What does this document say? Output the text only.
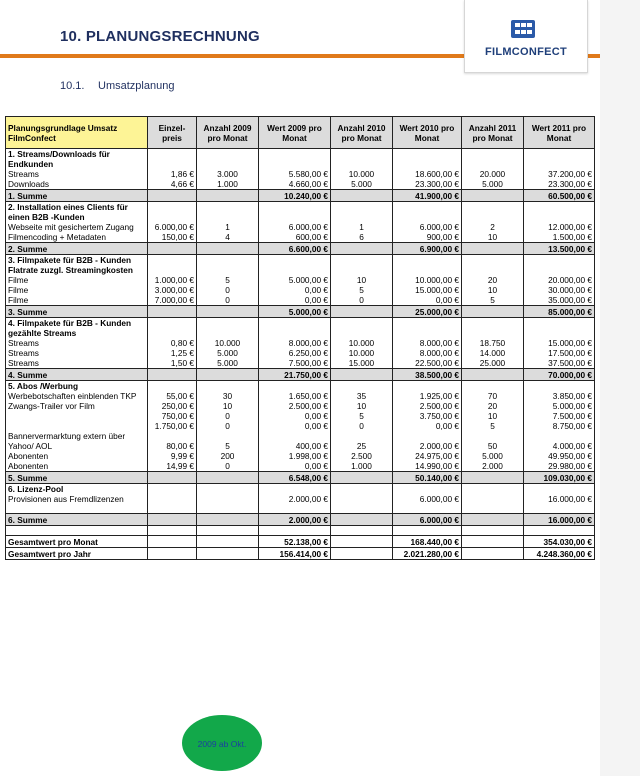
10. PLANUNGSRECHNUNG
FILMCONFECT
10.1. Umsatzplanung
Planungsgrundlage Umsatz FilmConfect	Einzel-preis	Anzahl 2009 pro Monat	Wert 2009 pro Monat	Anzahl 2010 pro Monat	Wert 2010 pro Monat	Anzahl 2011 pro Monat	Wert 2011 pro Monat
1. Streams/Downloads für Endkunden							
Streams	1,86 €	3.000	5.580,00 €	10.000	18.600,00 €	20.000	37.200,00 €
Downloads	4,66 €	1.000	4.660,00 €	5.000	23.300,00 €	5.000	23.300,00 €
1. Summe			10.240,00 €		41.900,00 €		60.500,00 €
2. Installation eines Clients für einen B2B -Kunden							
Webseite mit gesichertem Zugang	6.000,00 €	1	6.000,00 €	1	6.000,00 €	2	12.000,00 €
Filmencoding + Metadaten	150,00 €	4	600,00 €	6	900,00 €	10	1.500,00 €
2. Summe			6.600,00 €		6.900,00 €		13.500,00 €
3. Filmpakete für B2B - Kunden Flatrate zuzgl. Streamingkosten							
Filme	1.000,00 €	5	5.000,00 €	10	10.000,00 €	20	20.000,00 €
Filme	3.000,00 €	0	0,00 €	5	15.000,00 €	10	30.000,00 €
Filme	7.000,00 €	0	0,00 €	0	0,00 €	5	35.000,00 €
3. Summe			5.000,00 €		25.000,00 €		85.000,00 €
4. Filmpakete für B2B - Kunden gezählte Streams							
Streams	0,80 €	10.000	8.000,00 €	10.000	8.000,00 €	18.750	15.000,00 €
Streams	1,25 €	5.000	6.250,00 €	10.000	8.000,00 €	14.000	17.500,00 €
Streams	1,50 €	5.000	7.500,00 €	15.000	22.500,00 €	25.000	37.500,00 €
4. Summe			21.750,00 €		38.500,00 €		70.000,00 €
5. Abos /Werbung							
Werbebotschaften einblenden TKP	55,00 €	30	1.650,00 €	35	1.925,00 €	70	3.850,00 €
Zwangs-Trailer vor Film	250,00 €	10	2.500,00 €	10	2.500,00 €	20	5.000,00 €
	750,00 €	0	0,00 €	5	3.750,00 €	10	7.500,00 €
	1.750,00 €	0	0,00 €	0	0,00 €	5	8.750,00 €
Bannervermarktung extern über Yahoo/ AOL	80,00 €	5	400,00 €	25	2.000,00 €	50	4.000,00 €
Abonenten	9,99 €	200	1.998,00 €	2.500	24.975,00 €	5.000	49.950,00 €
Abonenten	14,99 €	0	0,00 €	1.000	14.990,00 €	2.000	29.980,00 €
5. Summe			6.548,00 €		50.140,00 €		109.030,00 €
6. Lizenz-Pool							
Provisionen aus Fremdlizenzen			2.000,00 €		6.000,00 €		16.000,00 €

6. Summe			2.000,00 €		6.000,00 €		16.000,00 €

Gesamtwert pro Monat			52.138,00 €		168.440,00 €		354.030,00 €
Gesamtwert pro Jahr			156.414,00 €		2.021.280,00 €		4.248.360,00 €
2009 ab Okt.
